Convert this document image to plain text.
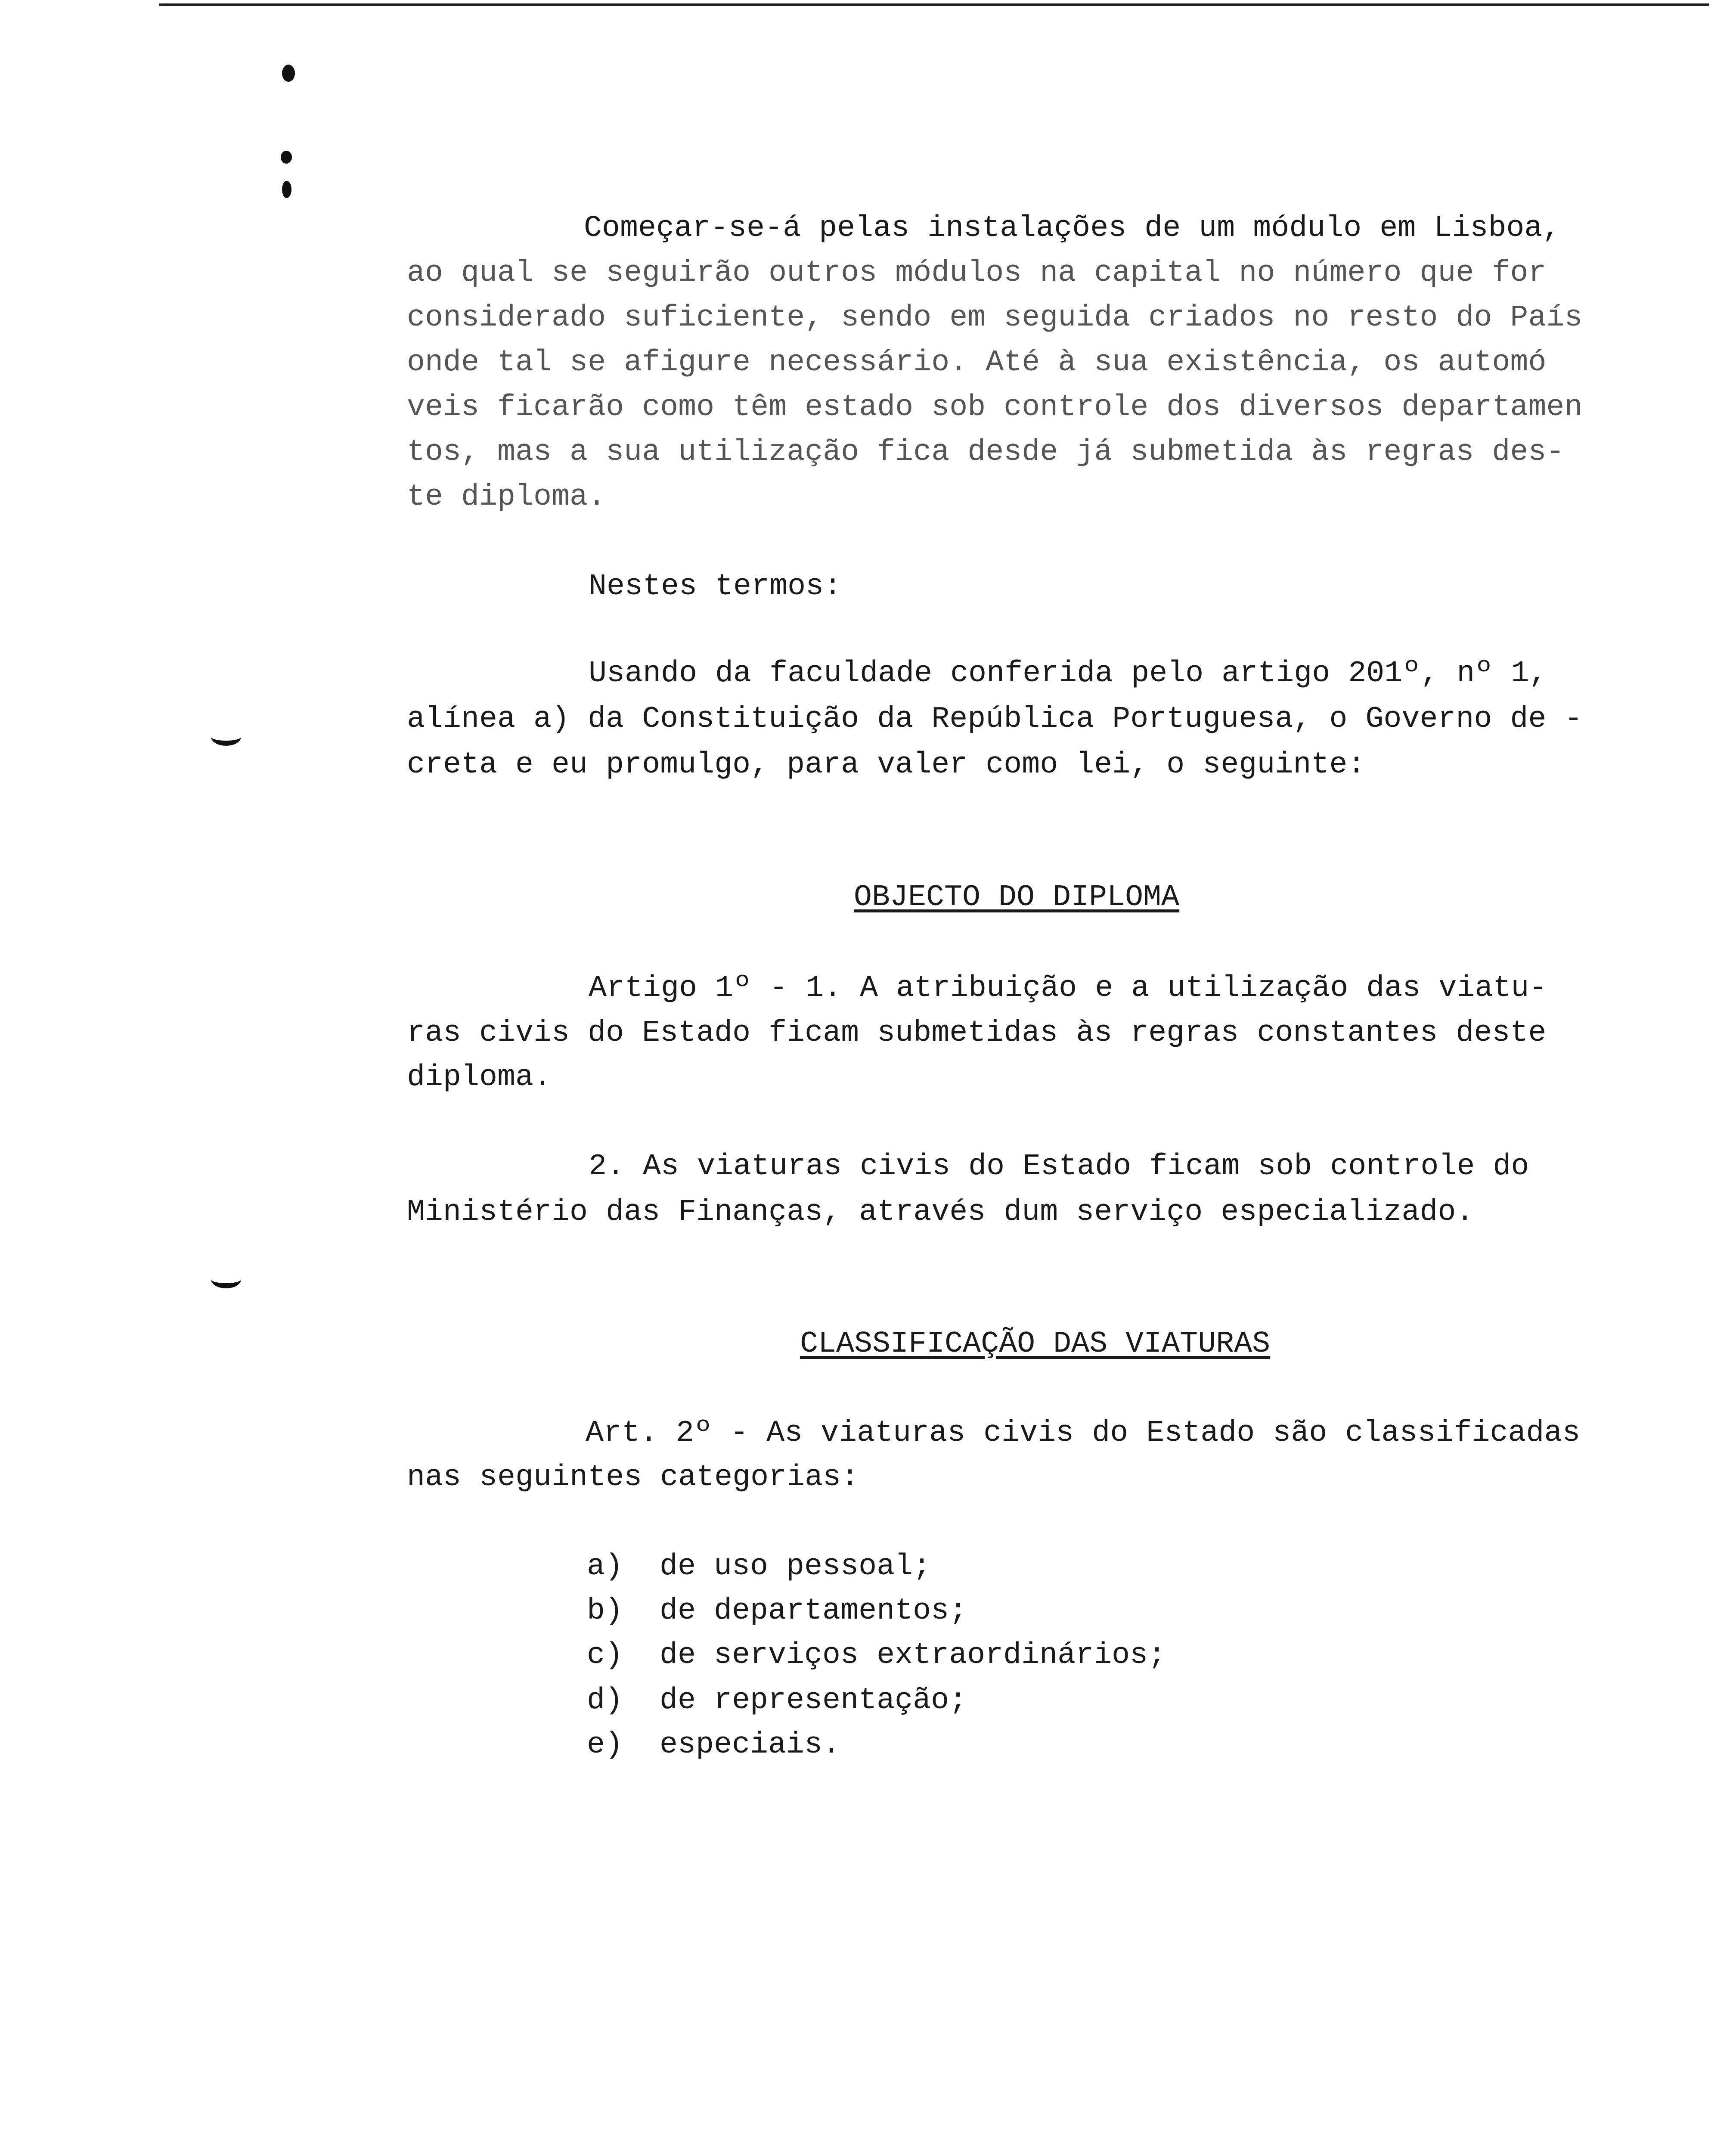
Começar-se-á pelas instalações de um módulo em Lisboa,
ao qual se seguirão outros módulos na capital no número que for
considerado suficiente, sendo em seguida criados no resto do País
onde tal se afigure necessário. Até à sua existência, os automó
veis ficarão como têm estado sob controle dos diversos departamen
tos, mas a sua utilização fica desde já submetida às regras des-
te diploma.
Nestes termos:
Usando da faculdade conferida pelo artigo 201º, nº 1,
alínea a) da Constituição da República Portuguesa, o Governo de -
creta e eu promulgo, para valer como lei, o seguinte:
OBJECTO DO DIPLOMA
Artigo 1º - 1. A atribuição e a utilização das viatu-
ras civis do Estado ficam submetidas às regras constantes deste
diploma.
2. As viaturas civis do Estado ficam sob controle do
Ministério das Finanças, através dum serviço especializado.
CLASSIFICAÇÃO DAS VIATURAS
Art. 2º - As viaturas civis do Estado são classificadas
nas seguintes categorias:
a) de uso pessoal;
b) de departamentos;
c) de serviços extraordinários;
d) de representação;
e) especiais.
